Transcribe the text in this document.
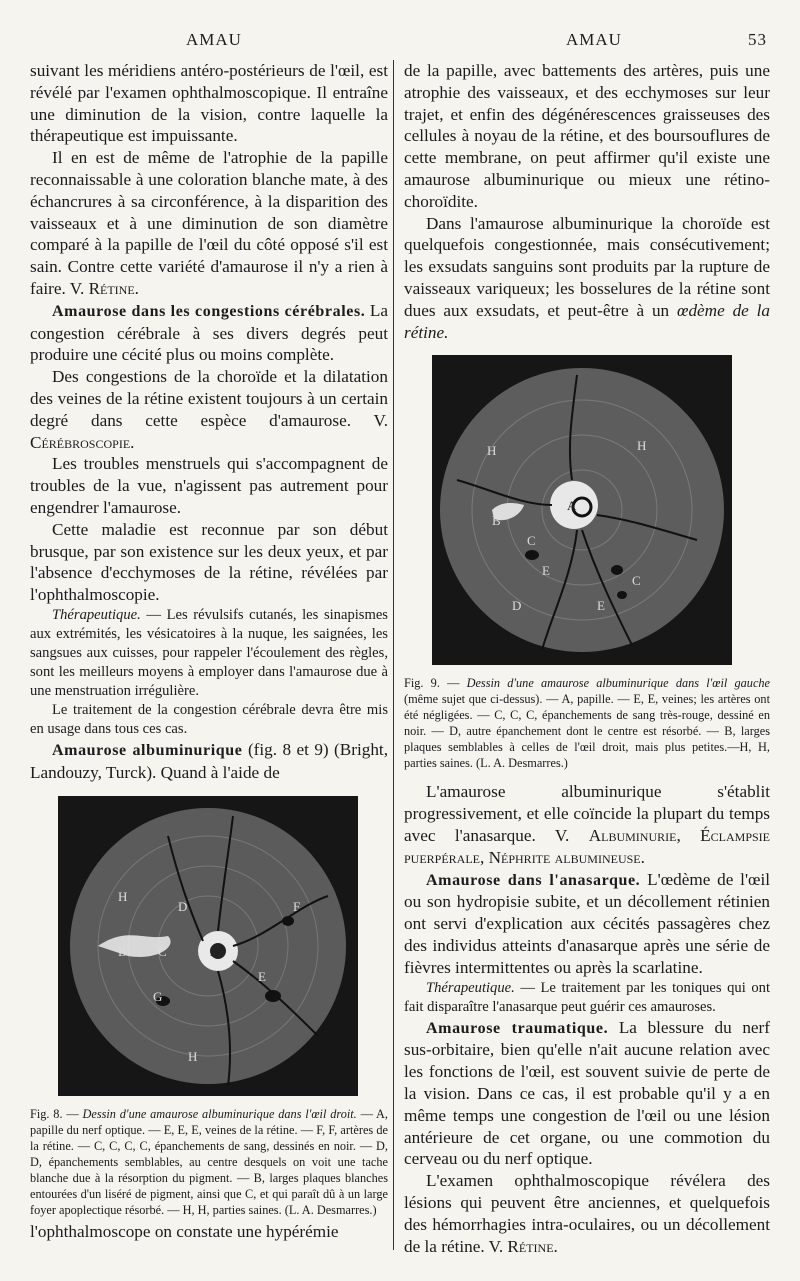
AMAU	AMAU	53

suivant les méridiens antéro-postérieurs de l'œil, est révélé par l'examen ophthalmoscopique. Il entraîne une diminution de la vision, contre laquelle la thérapeutique est impuissante.

Il en est de même de l'atrophie de la papille reconnaissable à une coloration blanche mate, à des échancrures à sa circonférence, à la disparition des vaisseaux et à une diminution de son diamètre comparé à la papille de l'œil du côté opposé s'il est sain. Contre cette variété d'amaurose il n'y a rien à faire. V. Rétine.

Amaurose dans les congestions cérébrales. La congestion cérébrale à ses divers degrés peut produire une cécité plus ou moins complète.

Des congestions de la choroïde et la dilatation des veines de la rétine existent toujours à un certain degré dans cette espèce d'amaurose. V. Cérébroscopie.

Les troubles menstruels qui s'accompagnent de troubles de la vue, n'agissent pas autrement pour engendrer l'amaurose.

Cette maladie est reconnue par son début brusque, par son existence sur les deux yeux, et par l'absence d'ecchymoses de la rétine, révélées par l'ophthalmoscopie.

Thérapeutique. — Les révulsifs cutanés, les sinapismes aux extrémités, les vésicatoires à la nuque, les saignées, les sangsues aux cuisses, pour rappeler l'écoulement des règles, sont les meilleurs moyens à employer dans l'amaurose due à une menstruation irrégulière.

Le traitement de la congestion cérébrale devra être mis en usage dans tous ces cas.

Amaurose albuminurique (fig. 8 et 9) (Bright, Landouzy, Turck). Quand à l'aide de

H
B C	A
D
E
F
G
H

Fig. 8. — Dessin d'une amaurose albuminurique dans l'œil droit. — A, papille du nerf optique. — E, E, E, veines de la rétine. — F, F, artères de la rétine. — C, C, C, C, épanchements de sang, dessinés en noir. — D, D, épanchements semblables, au centre desquels on voit une tache blanche due à la résorption du pigment. — B, larges plaques blanches entourées d'un liséré de pigment, ainsi que C, et qui paraît dû à un large foyer apoplectique résorbé. — H, H, parties saines. (L. A. Desmarres.)

l'ophthalmoscope on constate une hypérémie

de la papille, avec battements des artères, puis une atrophie des vaisseaux, et des ecchymoses sur leur trajet, et enfin des dégénérescences graisseuses des cellules à noyau de la rétine, et des boursouflures de cette membrane, on peut affirmer qu'il existe une amaurose albuminurique ou mieux une rétino-choroïdite.

Dans l'amaurose albuminurique la choroïde est quelquefois congestionnée, mais consécutivement; les exsudats sanguins sont produits par la rupture de vaisseaux variqueux; les bosselures de la rétine sont dues aux exsudats, et peut-être à un œdème de la rétine.

H	H
A
B
C
C
D
E
E

Fig. 9. — Dessin d'une amaurose albuminurique dans l'œil gauche (même sujet que ci-dessus). — A, papille. — E, E, veines; les artères ont été négligées. — C, C, C, épanchements de sang très-rouge, dessiné en noir. — D, autre épanchement dont le centre est résorbé. — B, larges plaques semblables à celles de l'œil droit, mais plus petites.—H, H, parties saines. (L. A. Desmarres.)

L'amaurose albuminurique s'établit progressivement, et elle coïncide la plupart du temps avec l'anasarque. V. Albuminurie, Éclampsie puerpérale, Néphrite albumineuse.

Amaurose dans l'anasarque. L'œdème de l'œil ou son hydropisie subite, et un décollement rétinien ont servi d'explication aux cécités passagères chez des individus atteints d'anasarque après une série de fièvres intermittentes ou après la scarlatine.

Thérapeutique. — Le traitement par les toniques qui ont fait disparaître l'anasarque peut guérir ces amauroses.

Amaurose traumatique. La blessure du nerf sus-orbitaire, bien qu'elle n'ait aucune relation avec les fonctions de l'œil, est souvent suivie de perte de la vision. Dans ce cas, il est probable qu'il y a en même temps une congestion de l'œil ou une lésion antérieure de cet organe, ou une commotion du cerveau ou du nerf optique.

L'examen ophthalmoscopique révélera des lésions qui peuvent être anciennes, et quelquefois des hémorrhagies intra-oculaires, ou un décollement de la rétine. V. Rétine.
